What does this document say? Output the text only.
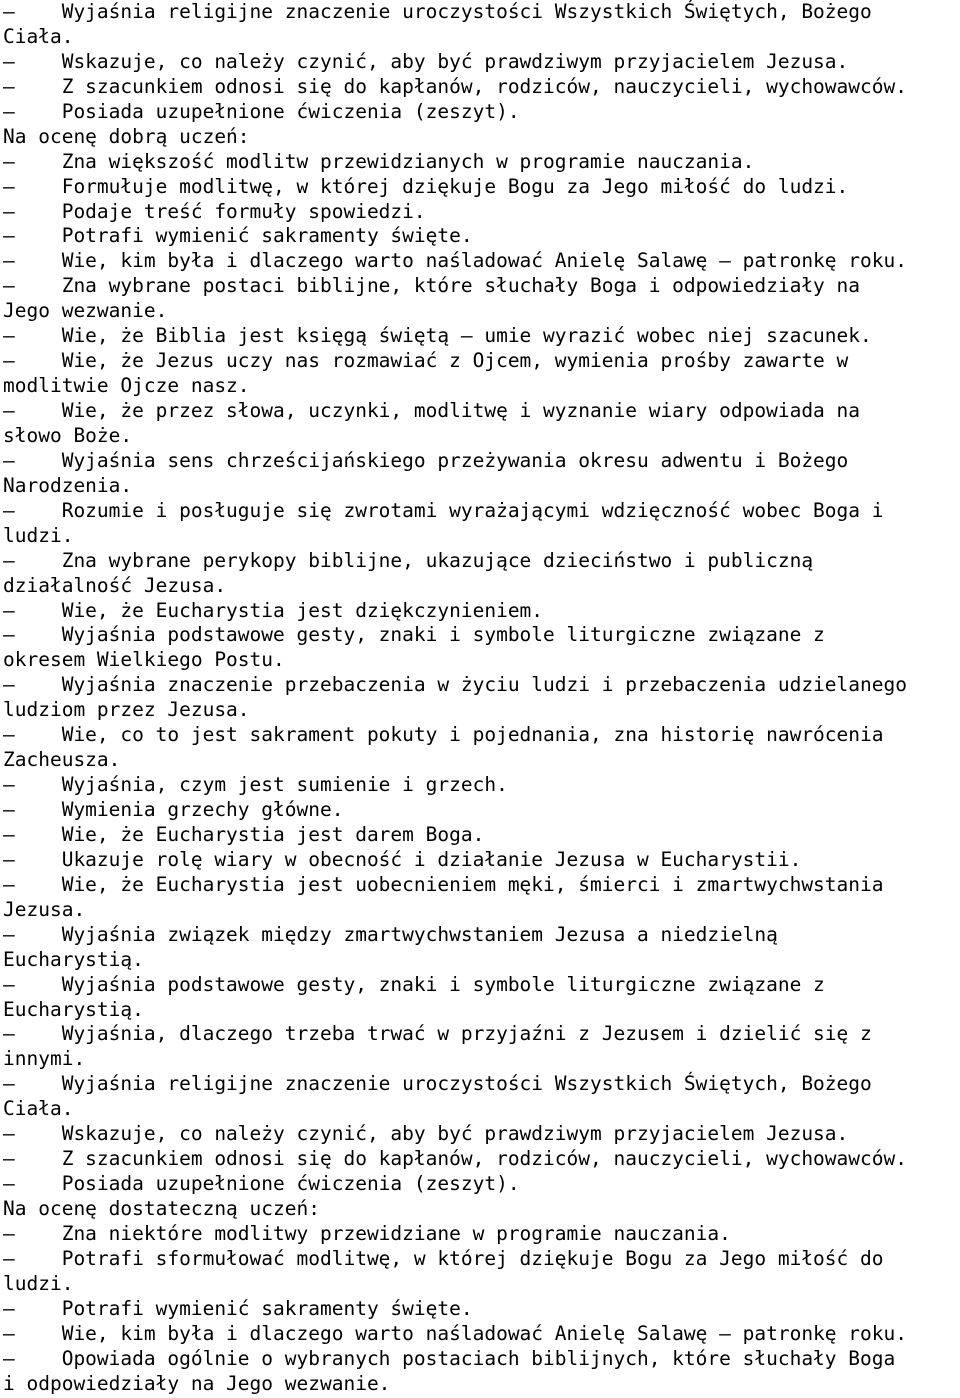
–    Wyjaśnia religijne znaczenie uroczystości Wszystkich Świętych, Bożego
Ciała.
–    Wskazuje, co należy czynić, aby być prawdziwym przyjacielem Jezusa.
–    Z szacunkiem odnosi się do kapłanów, rodziców, nauczycieli, wychowawców.
–    Posiada uzupełnione ćwiczenia (zeszyt).
Na ocenę dobrą uczeń:
–    Zna większość modlitw przewidzianych w programie nauczania.
–    Formułuje modlitwę, w której dziękuje Bogu za Jego miłość do ludzi.
–    Podaje treść formuły spowiedzi.
–    Potrafi wymienić sakramenty święte.
–    Wie, kim była i dlaczego warto naśladować Anielę Salawę – patronkę roku.
–    Zna wybrane postaci biblijne, które słuchały Boga i odpowiedziały na
Jego wezwanie.
–    Wie, że Biblia jest księgą świętą – umie wyrazić wobec niej szacunek.
–    Wie, że Jezus uczy nas rozmawiać z Ojcem, wymienia prośby zawarte w
modlitwie Ojcze nasz.
–    Wie, że przez słowa, uczynki, modlitwę i wyznanie wiary odpowiada na
słowo Boże.
–    Wyjaśnia sens chrześcijańskiego przeżywania okresu adwentu i Bożego
Narodzenia.
–    Rozumie i posługuje się zwrotami wyrażającymi wdzięczność wobec Boga i
ludzi.
–    Zna wybrane perykopy biblijne, ukazujące dzieciństwo i publiczną
działalność Jezusa.
–    Wie, że Eucharystia jest dziękczynieniem.
–    Wyjaśnia podstawowe gesty, znaki i symbole liturgiczne związane z
okresem Wielkiego Postu.
–    Wyjaśnia znaczenie przebaczenia w życiu ludzi i przebaczenia udzielanego
ludziom przez Jezusa.
–    Wie, co to jest sakrament pokuty i pojednania, zna historię nawrócenia
Zacheusza.
–    Wyjaśnia, czym jest sumienie i grzech.
–    Wymienia grzechy główne.
–    Wie, że Eucharystia jest darem Boga.
–    Ukazuje rolę wiary w obecność i działanie Jezusa w Eucharystii.
–    Wie, że Eucharystia jest uobecnieniem męki, śmierci i zmartwychwstania
Jezusa.
–    Wyjaśnia związek między zmartwychwstaniem Jezusa a niedzielną
Eucharystią.
–    Wyjaśnia podstawowe gesty, znaki i symbole liturgiczne związane z
Eucharystią.
–    Wyjaśnia, dlaczego trzeba trwać w przyjaźni z Jezusem i dzielić się z
innymi.
–    Wyjaśnia religijne znaczenie uroczystości Wszystkich Świętych, Bożego
Ciała.
–    Wskazuje, co należy czynić, aby być prawdziwym przyjacielem Jezusa.
–    Z szacunkiem odnosi się do kapłanów, rodziców, nauczycieli, wychowawców.
–    Posiada uzupełnione ćwiczenia (zeszyt).
Na ocenę dostateczną uczeń:
–    Zna niektóre modlitwy przewidziane w programie nauczania.
–    Potrafi sformułować modlitwę, w której dziękuje Bogu za Jego miłość do
ludzi.
–    Potrafi wymienić sakramenty święte.
–    Wie, kim była i dlaczego warto naśladować Anielę Salawę – patronkę roku.
–    Opowiada ogólnie o wybranych postaciach biblijnych, które słuchały Boga
i odpowiedziały na Jego wezwanie.
